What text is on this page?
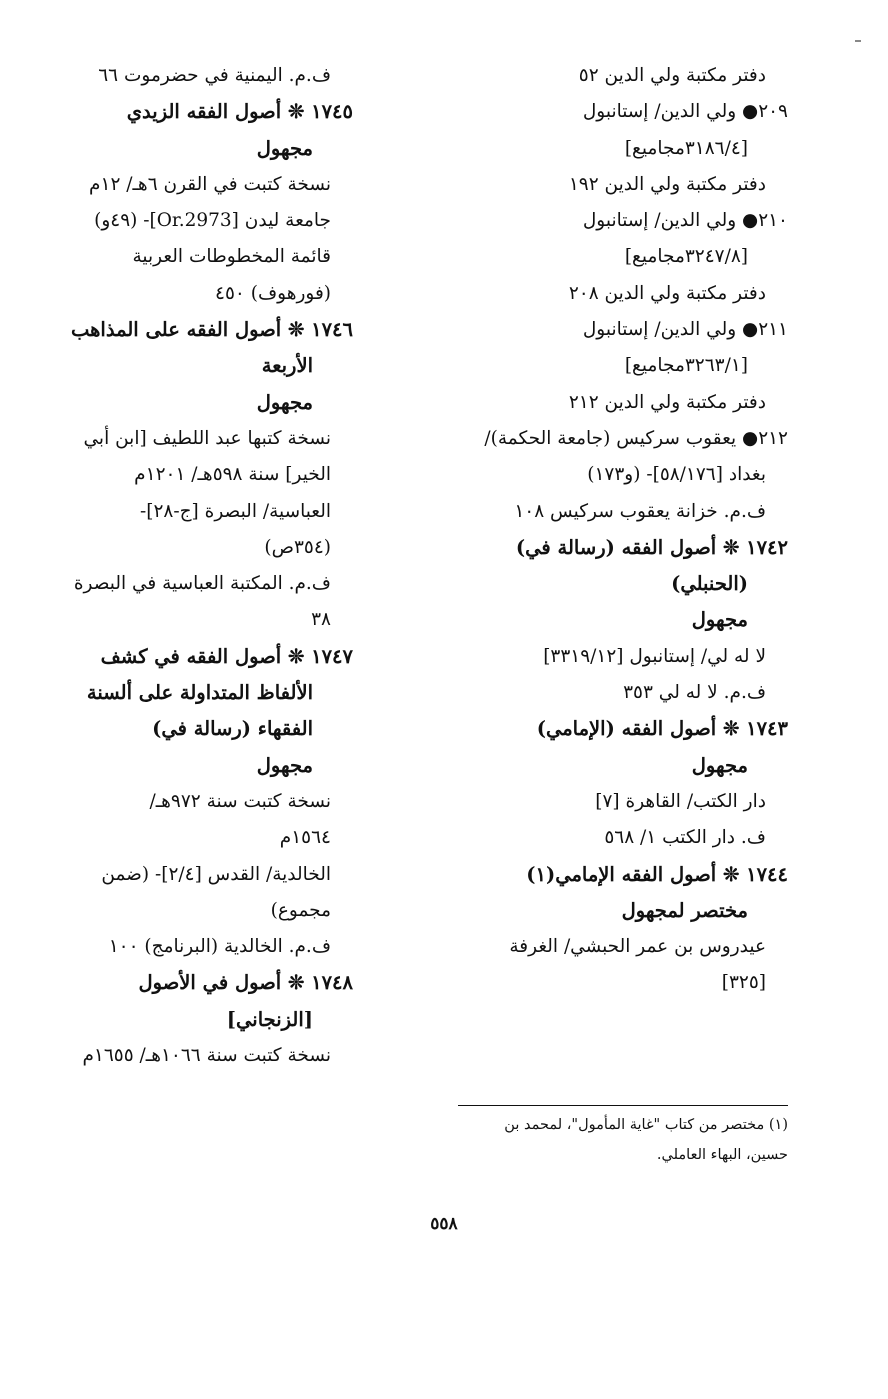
دفتر مكتبة ولي الدين ٥٢
٢٠٩● ولي الدين/ إستانبول
[٣١٨٦/٤مجاميع]
دفتر مكتبة ولي الدين ١٩٢
٢١٠● ولي الدين/ إستانبول
[٣٢٤٧/٨مجاميع]
دفتر مكتبة ولي الدين ٢٠٨
٢١١● ولي الدين/ إستانبول
[٣٢٦٣/١مجاميع]
دفتر مكتبة ولي الدين ٢١٢
٢١٢● يعقوب سركيس (جامعة الحكمة)/
بغداد [٥٨/١٧٦]- (و١٧٣)
ف.م. خزانة يعقوب سركيس ١٠٨
١٧٤٢ ❊ أصول الفقه (رسالة في)
(الحنبلي)
مجهول
لا له لي/ إستانبول [٣٣١٩/١٢]
ف.م. لا له لي ٣٥٣
١٧٤٣ ❊ أصول الفقه (الإمامي)
مجهول
دار الكتب/ القاهرة [٧]
ف. دار الكتب ١/ ٥٦٨
١٧٤٤ ❊ أصول الفقه الإمامي(١)
مختصر لمجهول
عيدروس بن عمر الحبشي/ الغرفة
[٣٢٥]
ف.م. اليمنية في حضرموت ٦٦
١٧٤٥ ❊ أصول الفقه الزيدي
مجهول
نسخة كتبت في القرن ٦هـ/ ١٢م
جامعة ليدن [Or.2973]- (٤٩و)
قائمة المخطوطات العربية
(فورهوف) ٤٥٠
١٧٤٦ ❊ أصول الفقه على المذاهب
الأربعة
مجهول
نسخة كتبها عبد اللطيف [ابن أبي
الخير] سنة ٥٩٨هـ/ ١٢٠١م
العباسية/ البصرة [ج-٢٨]-
(٣٥٤ص)
ف.م. المكتبة العباسية في البصرة
٣٨
١٧٤٧ ❊ أصول الفقه في كشف
الألفاظ المتداولة على ألسنة
الفقهاء (رسالة في)
مجهول
نسخة كتبت سنة ٩٧٢هـ/
١٥٦٤م
الخالدية/ القدس [٢/٤]- (ضمن
مجموع)
ف.م. الخالدية (البرنامج) ١٠٠
١٧٤٨ ❊ أصول في الأصول
[الزنجاني]
نسخة كتبت سنة ١٠٦٦هـ/ ١٦٥٥م
(١) مختصر من كتاب "غاية المأمول"، لمحمد بن
حسين، البهاء العاملي.
٥٥٨
